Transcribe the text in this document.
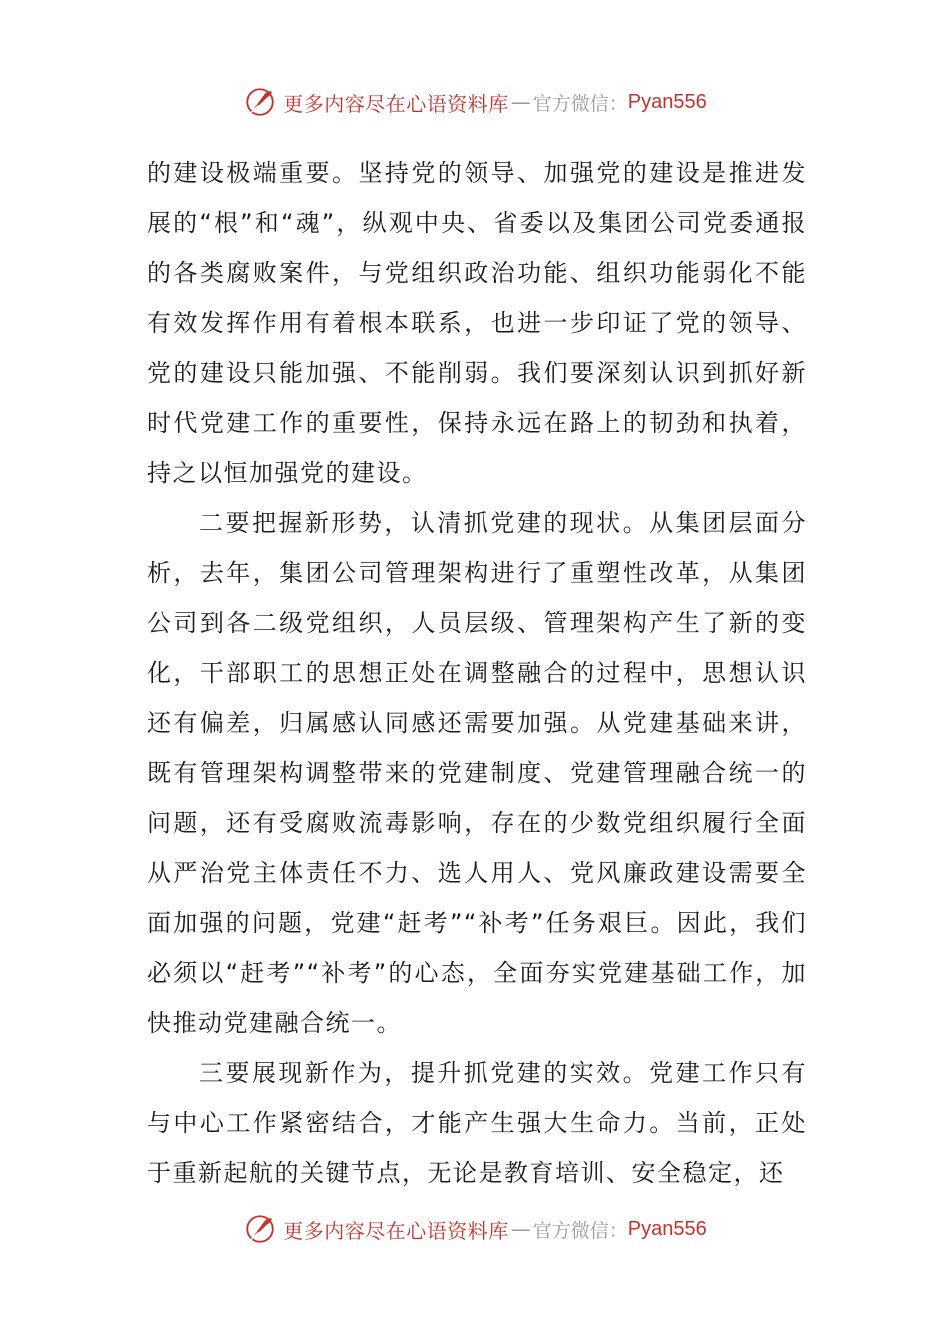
更多内容尽在心语资料库 — 官方微信： Pyan556

的建设极端重要。坚持党的领导、加强党的建设是推进发展的“根”和“魂”，纵观中央、省委以及集团公司党委通报的各类腐败案件，与党组织政治功能、组织功能弱化不能有效发挥作用有着根本联系，也进一步印证了党的领导、党的建设只能加强、不能削弱。我们要深刻认识到抓好新时代党建工作的重要性，保持永远在路上的韧劲和执着，持之以恒加强党的建设。

二要把握新形势，认清抓党建的现状。从集团层面分析，去年，集团公司管理架构进行了重塑性改革，从集团公司到各二级党组织，人员层级、管理架构产生了新的变化，干部职工的思想正处在调整融合的过程中，思想认识还有偏差，归属感认同感还需要加强。从党建基础来讲，既有管理架构调整带来的党建制度、党建管理融合统一的问题，还有受腐败流毒影响，存在的少数党组织履行全面从严治党主体责任不力、选人用人、党风廉政建设需要全面加强的问题，党建“赶考”“补考”任务艰巨。因此，我们必须以“赶考”“补考”的心态，全面夯实党建基础工作，加快推动党建融合统一。

三要展现新作为，提升抓党建的实效。党建工作只有与中心工作紧密结合，才能产生强大生命力。当前，正处于重新起航的关键节点，无论是教育培训、安全稳定，还

更多内容尽在心语资料库 — 官方微信： Pyan556
